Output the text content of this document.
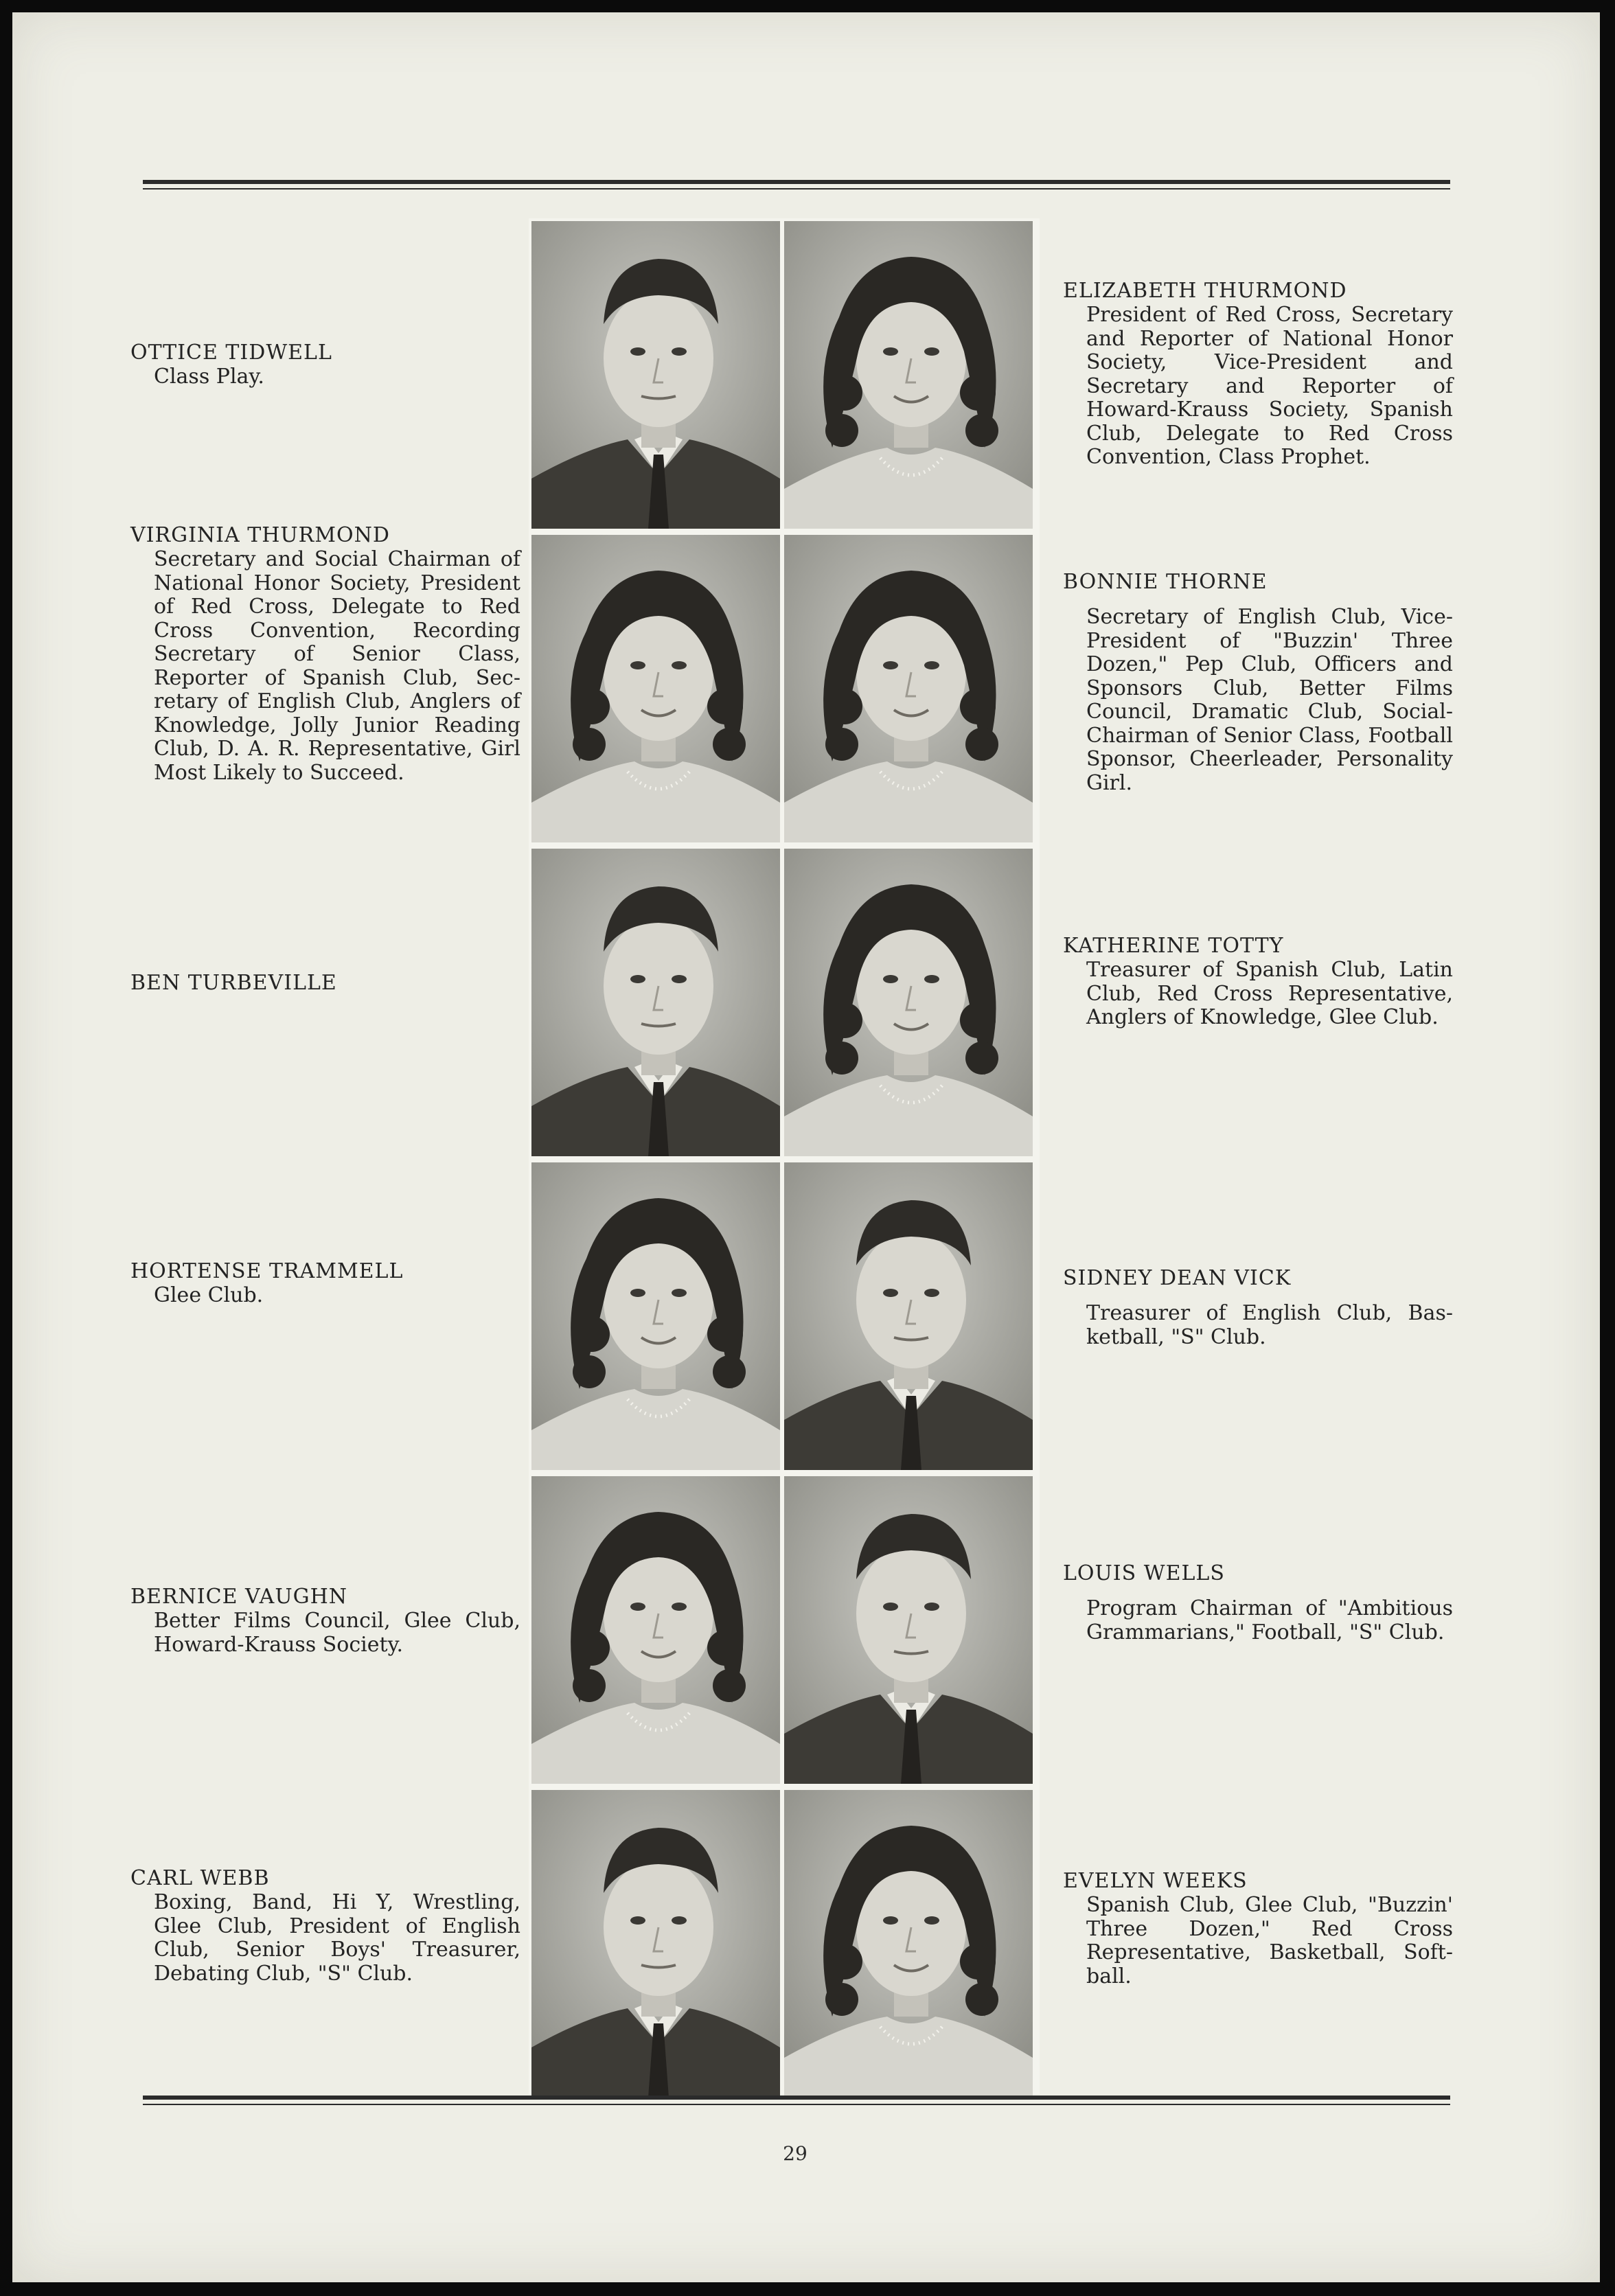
OTTICE TIDWELL
Class Play.
VIRGINIA THURMOND
Secretary and Social Chairman of National Honor Society, President of Red Cross, Delegate to Red Cross Convention, Recording Secretary of Senior Class, Reporter of Spanish Club, Secretary of English Club, Anglers of Knowledge, Jolly Junior Reading Club, D. A. R. Representative, Girl Most Likely to Succeed.
BEN TURBEVILLE
HORTENSE TRAMMELL
Glee Club.
BERNICE VAUGHN
Better Films Council, Glee Club, Howard-Krauss Society.
CARL WEBB
Boxing, Band, Hi Y, Wrestling, Glee Club, President of English Club, Senior Boys' Treasurer, Debating Club, "S" Club.
ELIZABETH THURMOND
President of Red Cross, Secretary and Reporter of National Honor Society, Vice-President and Secretary and Reporter of Howard-Krauss Society, Spanish Club, Delegate to Red Cross Convention, Class Prophet.
BONNIE THORNE
Secretary of English Club, Vice-President of "Buzzin' Three Dozen," Pep Club, Officers and Sponsors Club, Better Films Council, Dramatic Club, Social-Chairman of Senior Class, Football Sponsor, Cheerleader, Personality Girl.
KATHERINE TOTTY
Treasurer of Spanish Club, Latin Club, Red Cross Representative, Anglers of Knowledge, Glee Club.
SIDNEY DEAN VICK
Treasurer of English Club, Basketball, "S" Club.
LOUIS WELLS
Program Chairman of "Ambitious Grammarians," Football, "S" Club.
EVELYN WEEKS
Spanish Club, Glee Club, "Buzzin' Three Dozen," Red Cross Representative, Basketball, Softball.
29
